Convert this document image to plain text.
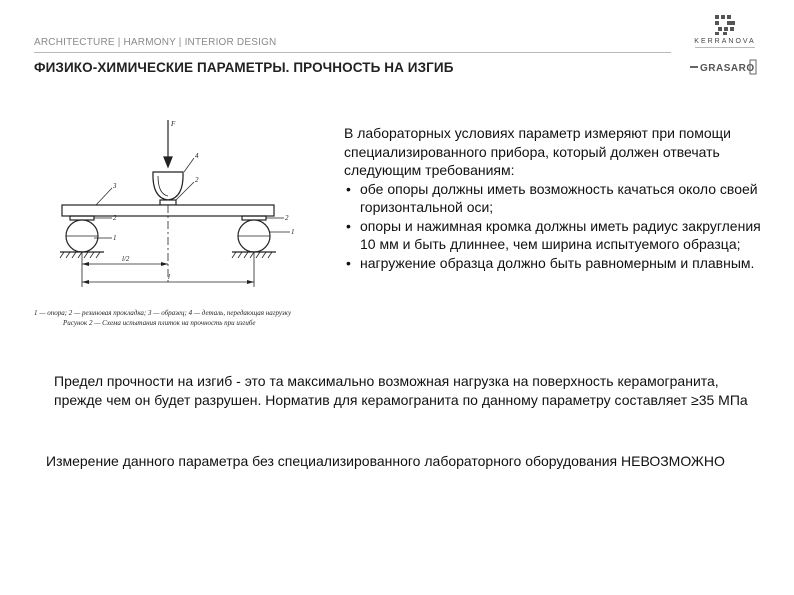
ARCHITECTURE | HARMONY | INTERIOR DESIGN	KERRANOVA
ФИЗИКО-ХИМИЧЕСКИЕ ПАРАМЕТРЫ. ПРОЧНОСТЬ НА ИЗГИБ	GRASARO
F
4
2
3
2
1
2
1
l/2
l
1 — опора; 2 — резиновая прокладка; 3 — образец; 4 — деталь, передающая нагрузку
Рисунок 2 — Схема испытания плиток на прочность при изгибе

В лабораторных условиях параметр измеряют при помощи специализированного прибора, который должен отвечать следующим требованиям:

• обе опоры должны иметь возможность качаться около своей горизонтальной оси;
• опоры и нажимная кромка должны иметь радиус закругления 10 мм и быть длиннее, чем ширина испытуемого образца;
• нагружение образца должно быть равномерным и плавным.
Предел прочности на изгиб - это та максимально возможная нагрузка на поверхность керамогранита, прежде чем он будет разрушен. Норматив для керамогранита по данному параметру составляет ≥35 МПа
Измерение данного параметра без специализированного лабораторного оборудования НЕВОЗМОЖНО
